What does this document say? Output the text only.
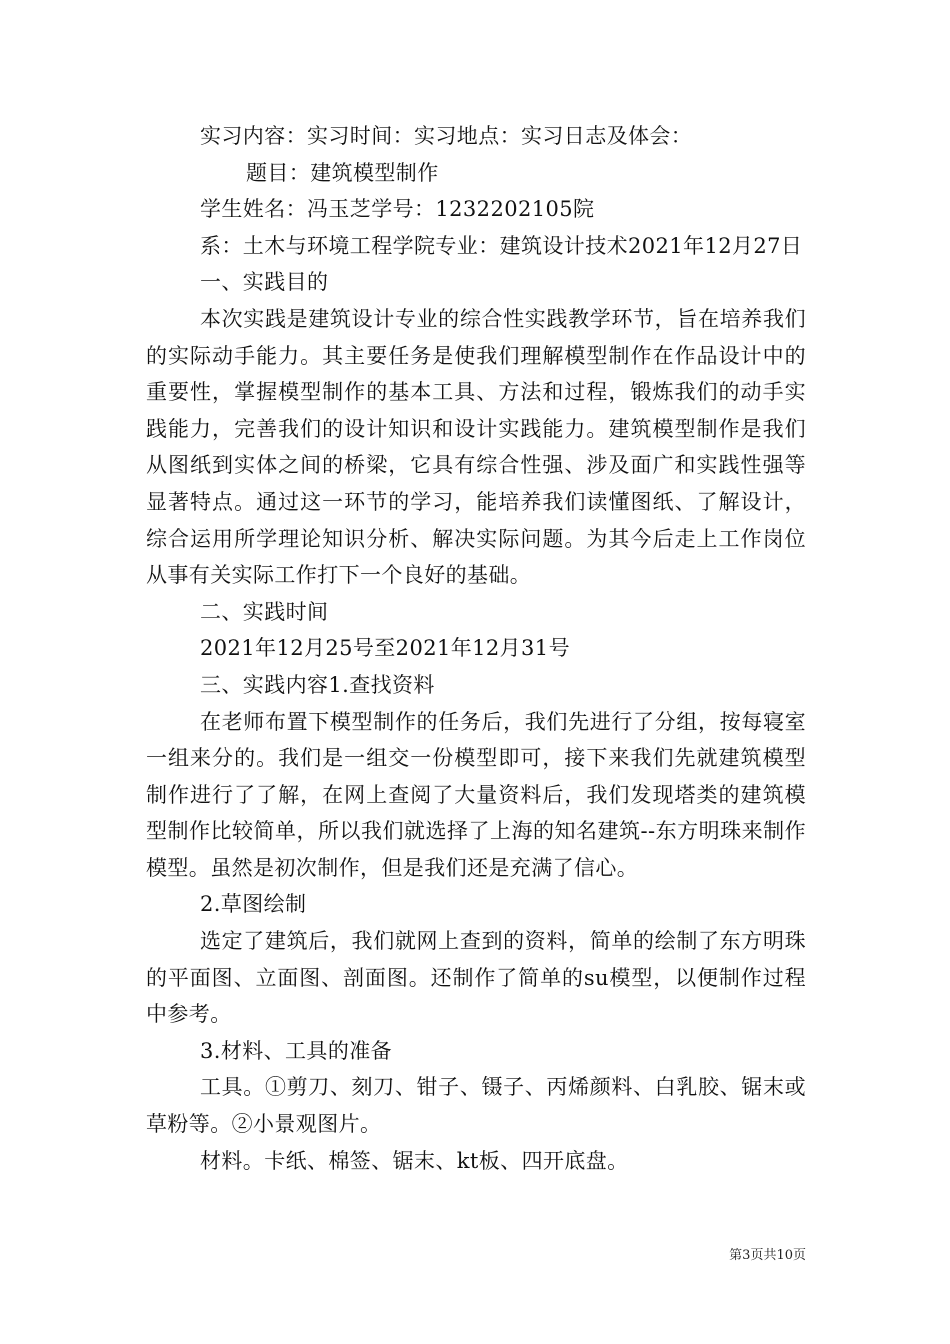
实习内容：实习时间：实习地点：实习日志及体会：

题目：建筑模型制作

学生姓名：冯玉芝学号：1232202105院

系：土木与环境工程学院专业：建筑设计技术2021年12月27日

一、实践目的

本次实践是建筑设计专业的综合性实践教学环节，旨在培养我们的实际动手能力。其主要任务是使我们理解模型制作在作品设计中的重要性，掌握模型制作的基本工具、方法和过程，锻炼我们的动手实践能力，完善我们的设计知识和设计实践能力。建筑模型制作是我们从图纸到实体之间的桥梁，它具有综合性强、涉及面广和实践性强等显著特点。通过这一环节的学习，能培养我们读懂图纸、了解设计，综合运用所学理论知识分析、解决实际问题。为其今后走上工作岗位从事有关实际工作打下一个良好的基础。

二、实践时间

2021年12月25号至2021年12月31号

三、实践内容1.查找资料

在老师布置下模型制作的任务后，我们先进行了分组，按每寝室一组来分的。我们是一组交一份模型即可，接下来我们先就建筑模型制作进行了了解，在网上查阅了大量资料后，我们发现塔类的建筑模型制作比较简单，所以我们就选择了上海的知名建筑--东方明珠来制作模型。虽然是初次制作，但是我们还是充满了信心。

2.草图绘制

选定了建筑后，我们就网上查到的资料，简单的绘制了东方明珠的平面图、立面图、剖面图。还制作了简单的su模型，以便制作过程中参考。

3.材料、工具的准备

工具。①剪刀、刻刀、钳子、镊子、丙烯颜料、白乳胶、锯末或草粉等。②小景观图片。

材料。卡纸、棉签、锯末、kt板、四开底盘。

第3页共10页
